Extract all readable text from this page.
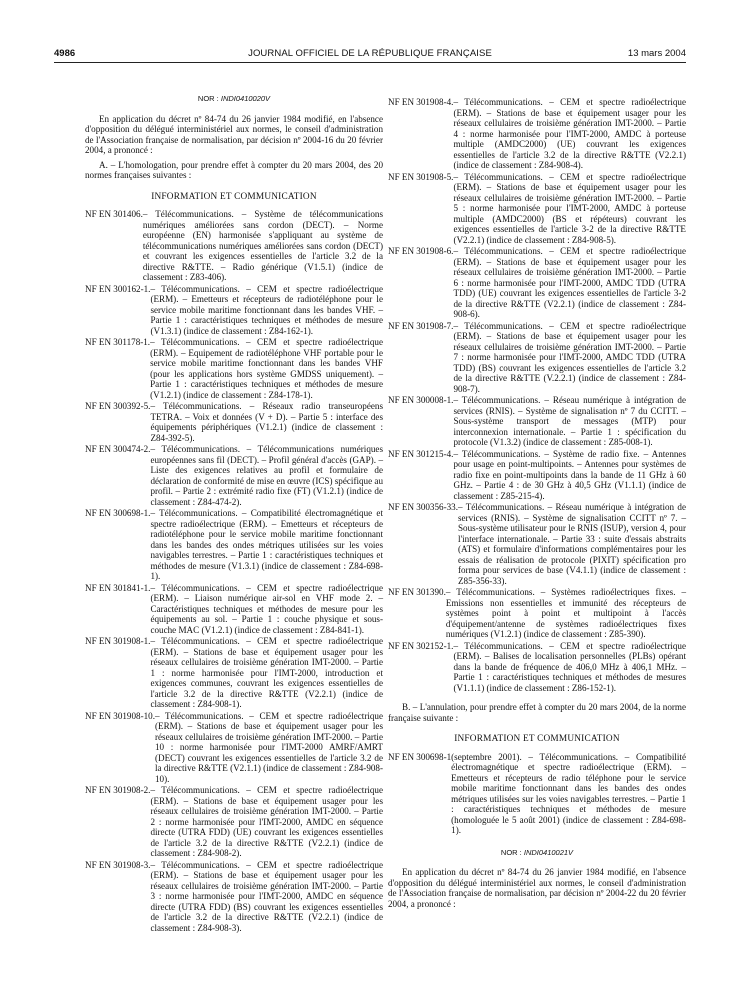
4986	JOURNAL OFFICIEL DE LA RÉPUBLIQUE FRANÇAISE	13 mars 2004
NOR : INDI0410020V

En application du décret nº 84-74 du 26 janvier 1984 modifié, en l'absence d'opposition du délégué interministériel aux normes, le conseil d'administration de l'Association française de normalisation, par décision nº 2004-16 du 20 février 2004, a prononcé :

A. – L'homologation, pour prendre effet à compter du 20 mars 2004, des 20 normes françaises suivantes :

INFORMATION ET COMMUNICATION
NF EN 301406. – Télécommunications. – Système de télécommunications numériques améliorées sans cordon (DECT). – Norme européenne (EN) harmonisée s'appliquant au système de télécommunications numériques améliorées sans cordon (DECT) et couvrant les exigences essentielles de l'article 3.2 de la directive R&TTE. – Radio générique (V1.5.1) (indice de classement : Z83-406).
NF EN 300162-1. – Télécommunications. – CEM et spectre radioélectrique (ERM). – Emetteurs et récepteurs de radiotéléphone pour le service mobile maritime fonctionnant dans les bandes VHF. – Partie 1 : caractéristiques techniques et méthodes de mesure (V1.3.1) (indice de classement : Z84-162-1).
NF EN 301178-1. – Télécommunications. – CEM et spectre radioélectrique (ERM). – Equipement de radiotéléphone VHF portable pour le service mobile maritime fonctionnant dans les bandes VHF (pour les applications hors système GMDSS uniquement). – Partie 1 : caractéristiques techniques et méthodes de mesure (V1.2.1) (indice de classement : Z84-178-1).
NF EN 300392-5. – Télécommunications. – Réseaux radio transeuropéens TETRA. – Voix et données (V + D). – Partie 5 : interface des équipements périphériques (V1.2.1) (indice de classement : Z84-392-5).
NF EN 300474-2. – Télécommunications. – Télécommunications numériques européennes sans fil (DECT). – Profil général d'accès (GAP). – Liste des exigences relatives au profil et formulaire de déclaration de conformité de mise en œuvre (ICS) spécifique au profil. – Partie 2 : extrémité radio fixe (FT) (V1.2.1) (indice de classement : Z84-474-2).
NF EN 300698-1. – Télécommunications. – Compatibilité électromagnétique et spectre radioélectrique (ERM). – Emetteurs et récepteurs de radiotéléphone pour le service mobile maritime fonctionnant dans les bandes des ondes métriques utilisées sur les voies navigables terrestres. – Partie 1 : caractéristiques techniques et méthodes de mesure (V1.3.1) (indice de classement : Z84-698-1).
NF EN 301841-1. – Télécommunications. – CEM et spectre radioélectrique (ERM). – Liaison numérique air-sol en VHF mode 2. – Caractéristiques techniques et méthodes de mesure pour les équipements au sol. – Partie 1 : couche physique et sous-couche MAC (V1.2.1) (indice de classement : Z84-841-1).
NF EN 301908-1. – Télécommunications. – CEM et spectre radioélectrique (ERM). – Stations de base et équipement usager pour les réseaux cellulaires de troisième génération IMT-2000. – Partie 1 : norme harmonisée pour l'IMT-2000, introduction et exigences communes, couvrant les exigences essentielles de l'article 3.2 de la directive R&TTE (V2.2.1) (indice de classement : Z84-908-1).
NF EN 301908-10. – Télécommunications. – CEM et spectre radioélectrique (ERM). – Stations de base et équipement usager pour les réseaux cellulaires de troisième génération IMT-2000. – Partie 10 : norme harmonisée pour l'IMT-2000 AMRF/AMRT (DECT) couvrant les exigences essentielles de l'article 3.2 de la directive R&TTE (V2.1.1) (indice de classement : Z84-908-10).
NF EN 301908-2. – Télécommunications. – CEM et spectre radioélectrique (ERM). – Stations de base et équipement usager pour les réseaux cellulaires de troisième génération IMT-2000. – Partie 2 : norme harmonisée pour l'IMT-2000, AMDC en séquence directe (UTRA FDD) (UE) couvrant les exigences essentielles de l'article 3.2 de la directive R&TTE (V2.2.1) (indice de classement : Z84-908-2).
NF EN 301908-3. – Télécommunications. – CEM et spectre radioélectrique (ERM). – Stations de base et équipement usager pour les réseaux cellulaires de troisième génération IMT-2000. – Partie 3 : norme harmonisée pour l'IMT-2000, AMDC en séquence directe (UTRA FDD) (BS) couvrant les exigences essentielles de l'article 3.2 de la directive R&TTE (V2.2.1) (indice de classement : Z84-908-3).
NF EN 301908-4. – Télécommunications. – CEM et spectre radioélectrique (ERM). – Stations de base et équipement usager pour les réseaux cellulaires de troisième génération IMT-2000. – Partie 4 : norme harmonisée pour l'IMT-2000, AMDC à porteuse multiple (AMDC2000) (UE) couvrant les exigences essentielles de l'article 3.2 de la directive R&TTE (V2.2.1) (indice de classement : Z84-908-4).
NF EN 301908-5. – Télécommunications. – CEM et spectre radioélectrique (ERM). – Stations de base et équipement usager pour les réseaux cellulaires de troisième génération IMT-2000. – Partie 5 : norme harmonisée pour l'IMT-2000, AMDC à porteuse multiple (AMDC2000) (BS et répéteurs) couvrant les exigences essentielles de l'article 3-2 de la directive R&TTE (V2.2.1) (indice de classement : Z84-908-5).
NF EN 301908-6. – Télécommunications. – CEM et spectre radioélectrique (ERM). – Stations de base et équipement usager pour les réseaux cellulaires de troisième génération IMT-2000. – Partie 6 : norme harmonisée pour l'IMT-2000, AMDC TDD (UTRA TDD) (UE) couvrant les exigences essentielles de l'article 3-2 de la directive R&TTE (V2.2.1) (indice de classement : Z84-908-6).
NF EN 301908-7. – Télécommunications. – CEM et spectre radioélectrique (ERM). – Stations de base et équipement usager pour les réseaux cellulaires de troisième génération IMT-2000. – Partie 7 : norme harmonisée pour l'IMT-2000, AMDC TDD (UTRA TDD) (BS) couvrant les exigences essentielles de l'article 3.2 de la directive R&TTE (V.2.2.1) (indice de classement : Z84-908-7).
NF EN 300008-1. – Télécommunications. – Réseau numérique à intégration de services (RNIS). – Système de signalisation nº 7 du CCITT. – Sous-système transport de messages (MTP) pour interconnexion internationale. – Partie 1 : spécification du protocole (V1.3.2) (indice de classement : Z85-008-1).
NF EN 301215-4. – Télécommunications. – Système de radio fixe. – Antennes pour usage en point-multipoints. – Antennes pour systèmes de radio fixe en point-multipoints dans la bande de 11 GHz à 60 GHz. – Partie 4 : de 30 GHz à 40,5 GHz (V1.1.1) (indice de classement : Z85-215-4).
NF EN 300356-33. – Télécommunications. – Réseau numérique à intégration de services (RNIS). – Système de signalisation CCITT nº 7. – Sous-système utilisateur pour le RNIS (ISUP), version 4, pour l'interface internationale. – Partie 33 : suite d'essais abstraits (ATS) et formulaire d'informations complémentaires pour les essais de réalisation de protocole (PIXIT) spécification pro forma pour services de base (V4.1.1) (indice de classement : Z85-356-33).
NF EN 301390. – Télécommunications. – Systèmes radioélectriques fixes. – Emissions non essentielles et immunité des récepteurs de systèmes point à point et multipoint à l'accès d'équipement/antenne de systèmes radioélectriques fixes numériques (V1.2.1) (indice de classement : Z85-390).
NF EN 302152-1. – Télécommunications. – CEM et spectre radioélectrique (ERM). – Balises de localisation personnelles (PLBs) opérant dans la bande de fréquence de 406,0 MHz à 406,1 MHz. – Partie 1 : caractéristiques techniques et méthodes de mesures (V1.1.1) (indice de classement : Z86-152-1).

B. – L'annulation, pour prendre effet à compter du 20 mars 2004, de la norme française suivante :

INFORMATION ET COMMUNICATION
NF EN 300698-1 (septembre 2001). – Télécommunications. – Compatibilité électromagnétique et spectre radioélectrique (ERM). – Emetteurs et récepteurs de radio téléphone pour le service mobile maritime fonctionnant dans les bandes des ondes métriques utilisées sur les voies navigables terrestres. – Partie 1 : caractéristiques techniques et méthodes de mesure (homologuée le 5 août 2001) (indice de classement : Z84-698-1).
NOR : INDI0410021V

En application du décret nº 84-74 du 26 janvier 1984 modifié, en l'absence d'opposition du délégué interministériel aux normes, le conseil d'administration de l'Association française de normalisation, par décision nº 2004-22 du 20 février 2004, a prononcé :
